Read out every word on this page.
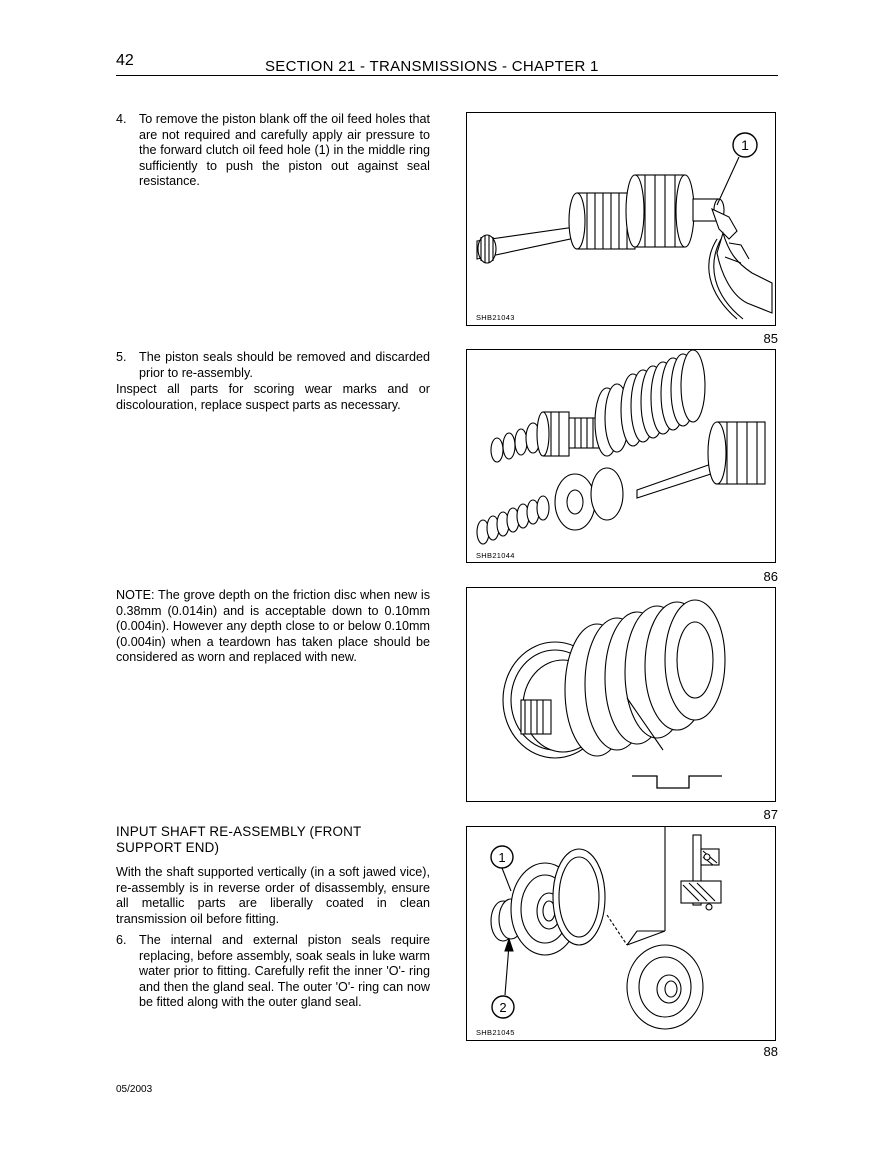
42	SECTION 21 - TRANSMISSIONS - CHAPTER 1
4. To remove the piston blank off the oil feed holes that are not required and carefully apply air pressure to the forward clutch oil feed hole (1) in the middle ring sufficiently to push the piston out against seal resistance.
5. The piston seals should be removed and discarded prior to re-assembly.
Inspect all parts for scoring wear marks and or discolouration, replace suspect parts as necessary.
NOTE: The grove depth on the friction disc when new is 0.38mm (0.014in) and is acceptable down to 0.10mm (0.004in). However any depth close to or below 0.10mm (0.004in) when a teardown has taken place should be considered as worn and replaced with new.
INPUT SHAFT RE-ASSEMBLY (FRONT SUPPORT END)
With the shaft supported vertically (in a soft jawed vice), re-assembly is in reverse order of disassembly, ensure all metallic parts are liberally coated in clean transmission oil before fitting.
6. The internal and external piston seals require replacing, before assembly, soak seals in luke warm water prior to fitting. Carefully refit the inner 'O'- ring and then the gland seal. The outer 'O'- ring can now be fitted along with the outer gland seal.
1
SHB21043
85
SHB21044
86
87
1
2
SHB21045
88
05/2003
